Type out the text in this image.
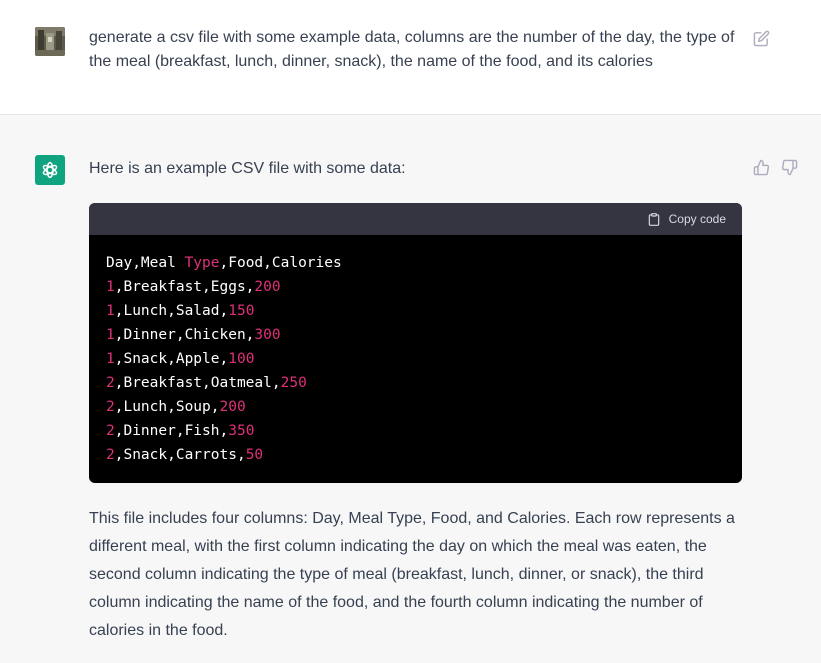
generate a csv file with some example data, columns are the number of the day, the type of the meal (breakfast, lunch, dinner, snack), the name of the food, and its calories
Here is an example CSV file with some data:
Copy code
Day,Meal Type,Food,Calories
1,Breakfast,Eggs,200
1,Lunch,Salad,150
1,Dinner,Chicken,300
1,Snack,Apple,100
2,Breakfast,Oatmeal,250
2,Lunch,Soup,200
2,Dinner,Fish,350
2,Snack,Carrots,50
This file includes four columns: Day, Meal Type, Food, and Calories. Each row represents a different meal, with the first column indicating the day on which the meal was eaten, the second column indicating the type of meal (breakfast, lunch, dinner, or snack), the third column indicating the name of the food, and the fourth column indicating the number of calories in the food.
